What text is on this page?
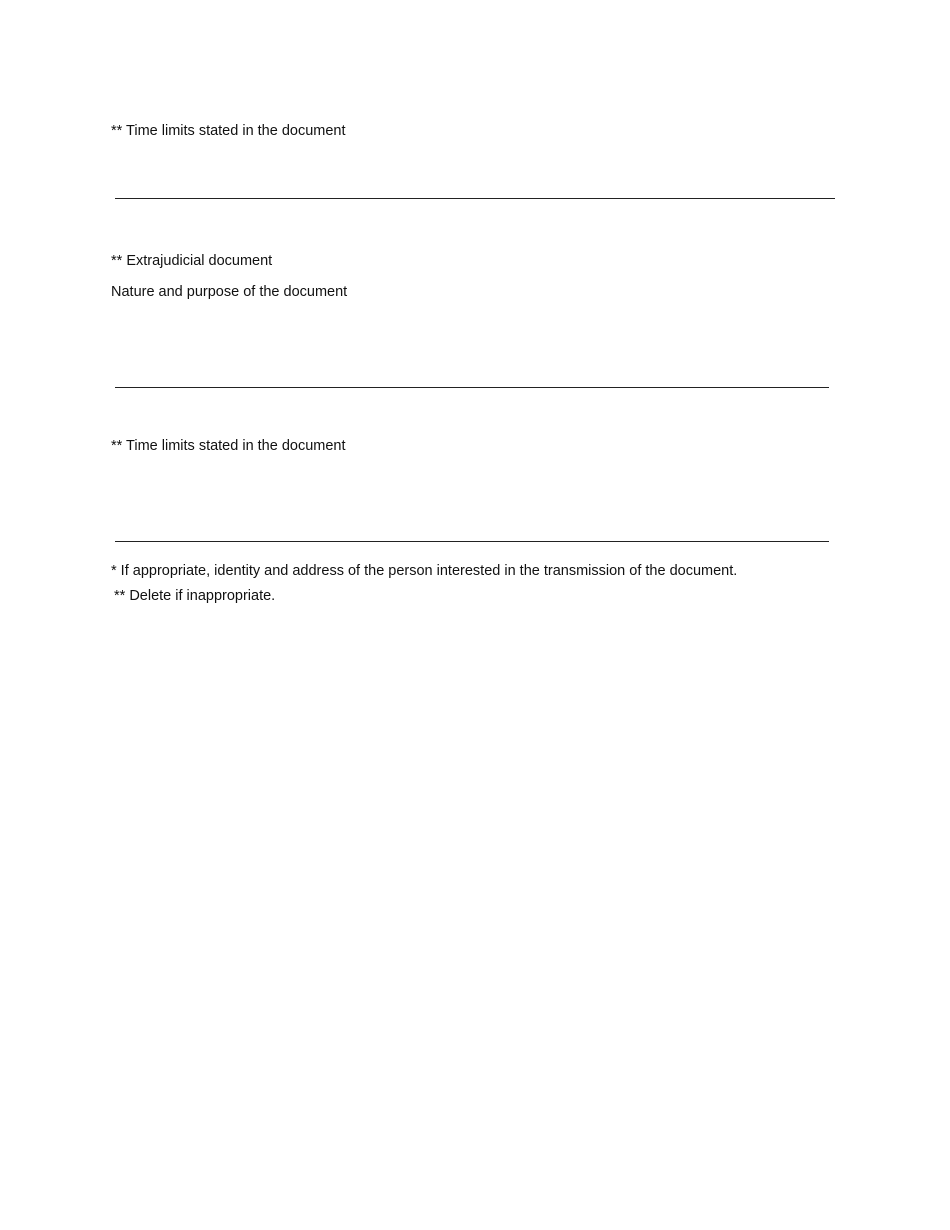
** Time limits stated in the document

** Extrajudicial document

Nature and purpose of the document

** Time limits stated in the document

* If appropriate, identity and address of the person interested in the transmission of the document.

** Delete if inappropriate.
